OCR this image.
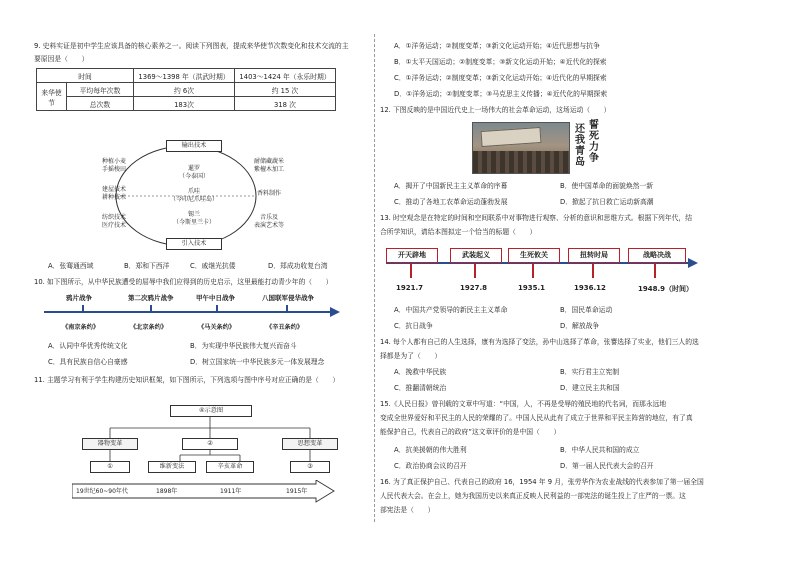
9. 史料实证是初中学生应该具备的核心素养之一。阅读下列图表，提成来华使节次数变化和技术交流的主
要原因是（　　）
时间		1369～1398 年（洪武时期）	1403～1424 年（永乐时期）
来华使节	平均每年次数	约 6次	约 15 次
	总次数	183次	318 次
输出技术
引入技术
暹罗
（今泰国）
爪哇
（今印尼爪哇岛）
锡兰
（今斯里兰卡）
种植小麦
手摇梭田
建屋技术
耕种技术
纺织技术
医疗技术
耐储藏蔬米
紫檀木加工
香料制作
音乐及
表演艺术等
A．张骞通西域	B．郑和下西洋	C．戚继光抗倭	D．郑成功收复台湾
10. 如下图所示，从中华民族遭受的屈辱中我们应得到的历史启示，这里最能打动青少年的（　　）
鸦片战争	第二次鸦片战争	甲午中日战争	八国联军侵华战争
《南京条约》	《北京条约》	《马关条约》	《辛丑条约》
A．认同中华优秀传统文化	B．为实现中华民族伟大复兴而奋斗
C．具有民族自信心自豪感	D．树立国家统一中华民族多元一体发展理念
11. 主题学习有利于学生构建历史知识框架，如下图所示，下列选项与图中序号对应正确的是（　　）
④示意图
器物变革	②	思想变革
①	维新变法	辛亥革命	③
19世纪60~90年代	1898年	1911年	1915年
A．①洋务运动；②制度变革；③新文化运动开始；④近代思想与抗争
B．①太平天国运动；②制度变革；③新文化运动开始；④近代化的探索
C．①洋务运动；②制度变革；③新文化运动开始；④近代化的早期探索
D．①洋务运动；②制度变革；③马克思主义传播；④近代化的早期探索
12. 下图反映的是中国近代史上一场伟大的社会革命运动，这场运动（　　）
还
我
青
岛
誓
死
力
争
A．揭开了中国新民主主义革命的序幕	B．使中国革命的面貌焕然一新
C．推动了各地工农革命运动蓬勃发展	D．掀起了抗日救亡运动新高潮
13. 时空观念是在特定的时间和空间联系中对事物进行观察、分析的意识和思维方式。根据下列年代，结
合所学知识，请给本图拟定一个恰当的标题（　　）
开天辟地	武装起义	生死攸关	扭转时局	战略决战
1921.7	1927.8	1935.1	1936.12	1948.9（时间）
A．中国共产党领导的新民主主义革命	B．国民革命运动
C．抗日战争	D．解放战争
14. 每个人都有自己的人生选择，康有为选择了变法，孙中山选择了革命，张謇选择了实业，他们三人的选
择都是为了（　　）
A．挽救中华民族	B．实行君主立宪制
C．推翻清朝统治	D．建立民主共和国
15.《人民日报》曾刊载的文章中写道：“中国，人，不再是受辱的殖民地的代名词，而那永远地
变成全世界爱好和平民主的人民的荣耀的了。中国人民从此有了成立于世界和平民主阵营的地位，有了真
能保护自己，代表自己的政府”这文章评价的是中国（　　）
A．抗美援朝的伟大胜利	B．中华人民共和国的成立
C．政治协商会议的召开	D．第一届人民代表大会的召开
16. 为了真正保护自己、代表自己的政府 16，1954 年 9 月，张劳华作为农业战线的代表参加了第一届全国
人民代表大会。在会上，她为我国历史以来真正反映人民利益的一部宪法的诞生投上了庄严的一票。这
部宪法是（　　）
